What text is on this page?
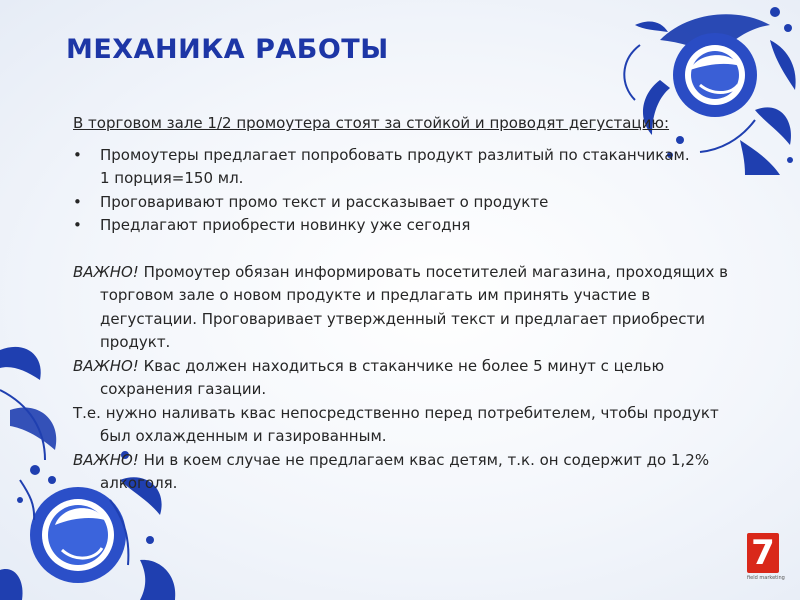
МЕХАНИКА РАБОТЫ
В торговом зале 1/2 промоутера стоят за стойкой и проводят дегустацию:
• Промоутеры предлагает попробовать продукт разлитый по стаканчикам.
1 порция=150 мл.
• Проговаривают промо текст и рассказывает о продукте
• Предлагают приобрести новинку уже сегодня

ВАЖНО! Промоутер обязан информировать посетителей магазина, проходящих в торговом зале о новом продукте и предлагать им принять участие в дегустации. Проговаривает утвержденный текст и предлагает приобрести продукт.

ВАЖНО! Квас должен находиться в стаканчике не более 5 минут с целью сохранения газации.

Т.е. нужно наливать квас непосредственно перед потребителем, чтобы продукт был охлажденным и газированным.

ВАЖНО! Ни в коем случае не предлагаем квас детям, т.к. он содержит до 1,2% алкоголя.

7
field marketing
